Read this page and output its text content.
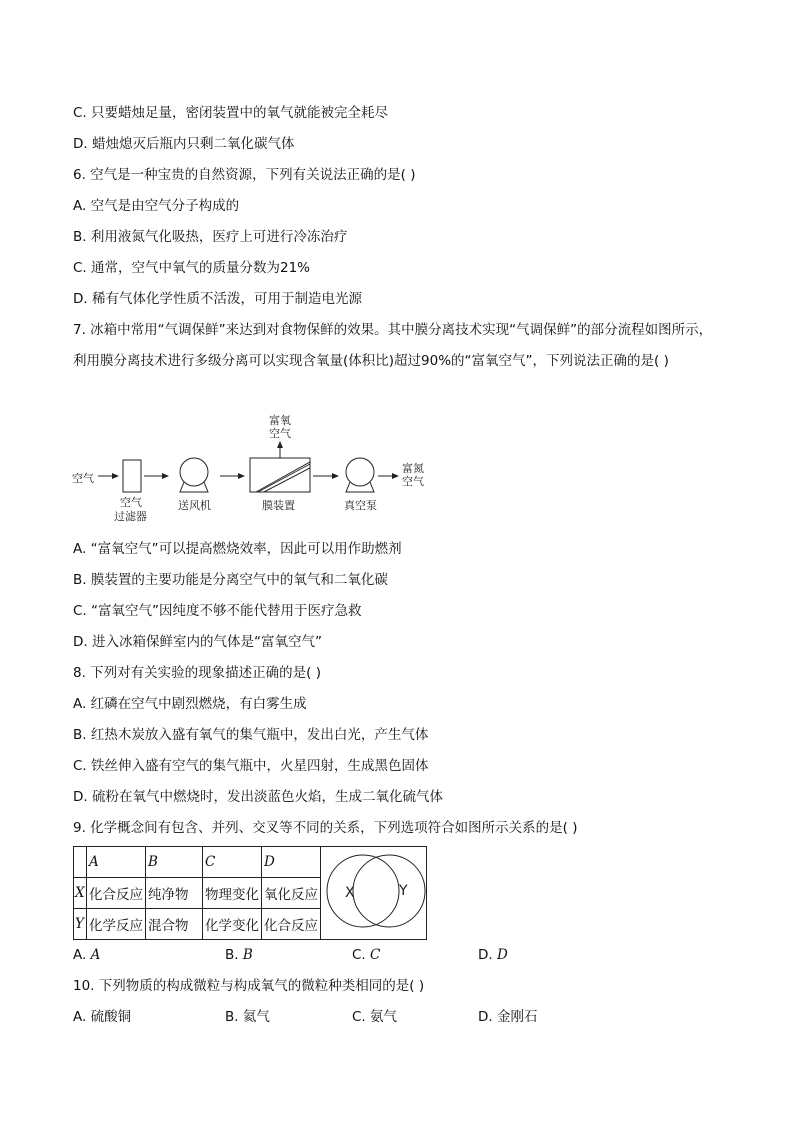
C. 只要蜡烛足量，密闭装置中的氧气就能被完全耗尽
D. 蜡烛熄灭后瓶内只剩二氧化碳气体
6. 空气是一种宝贵的自然资源，下列有关说法正确的是( )
A. 空气是由空气分子构成的
B. 利用液氮气化吸热，医疗上可进行冷冻治疗
C. 通常，空气中氧气的质量分数为21%
D. 稀有气体化学性质不活泼，可用于制造电光源
7. 冰箱中常用“气调保鲜”来达到对食物保鲜的效果。其中膜分离技术实现“气调保鲜”的部分流程如图所示，利用膜分离技术进行多级分离可以实现含氧量(体积比)超过90%的“富氧空气”，下列说法正确的是( )
空气
空气
过滤器
送风机	膜装置
富氧
空气
真空泵
富氮
空气
A. “富氧空气”可以提高燃烧效率，因此可以用作助燃剂
B. 膜装置的主要功能是分离空气中的氧气和二氧化碳
C. “富氧空气”因纯度不够不能代替用于医疗急救
D. 进入冰箱保鲜室内的气体是“富氧空气”
8. 下列对有关实验的现象描述正确的是( )
A. 红磷在空气中剧烈燃烧，有白雾生成
B. 红热木炭放入盛有氧气的集气瓶中，发出白光，产生气体
C. 铁丝伸入盛有空气的集气瓶中，火星四射，生成黑色固体
D. 硫粉在氧气中燃烧时，发出淡蓝色火焰，生成二氧化硫气体
9. 化学概念间有包含、并列、交叉等不同的关系，下列选项符合如图所示关系的是( )
	A	B	C	D	X Y

X	化合反应	纯净物	物理变化	氧化反应	
Y	化学反应	混合物	化学变化	化合反应	
A. A	B. B	C. C	D. D
10. 下列物质的构成微粒与构成氧气的微粒种类相同的是( )
A. 硫酸铜	B. 氦气	C. 氨气	D. 金刚石
